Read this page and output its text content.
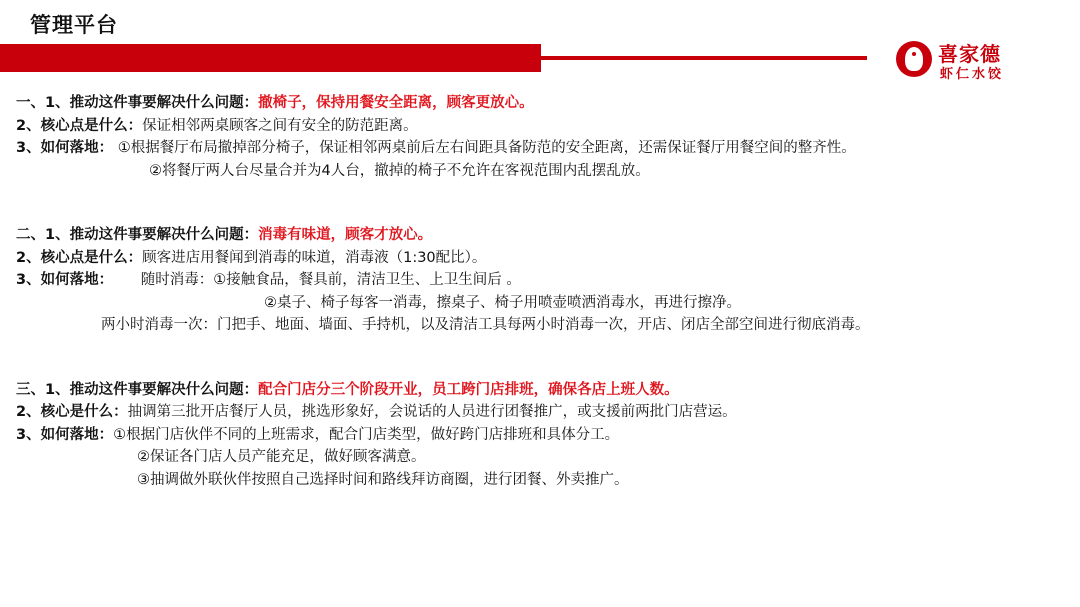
管理平台
喜家德
虾仁水饺
一、1、推动这件事要解决什么问题：撤椅子，保持用餐安全距离，顾客更放心。
2、核心点是什么：保证相邻两桌顾客之间有安全的防范距离。
3、如何落地： ①根据餐厅布局撤掉部分椅子，保证相邻两桌前后左右间距具备防范的安全距离，还需保证餐厅用餐空间的整齐性。
②将餐厅两人台尽量合并为4人台，撤掉的椅子不允许在客视范围内乱摆乱放。
二、1、推动这件事要解决什么问题：消毒有味道，顾客才放心。
2、核心点是什么：顾客进店用餐闻到消毒的味道，消毒液（1:30配比）。
3、如何落地：      随时消毒：①接触食品，餐具前，清洁卫生、上卫生间后 。
②桌子、椅子每客一消毒，擦桌子、椅子用喷壶喷洒消毒水，再进行擦净。
两小时消毒一次：门把手、地面、墙面、手持机，以及清洁工具每两小时消毒一次，开店、闭店全部空间进行彻底消毒。
三、1、推动这件事要解决什么问题：配合门店分三个阶段开业，员工跨门店排班，确保各店上班人数。
2、核心是什么：抽调第三批开店餐厅人员，挑选形象好，会说话的人员进行团餐推广，或支援前两批门店营运。
3、如何落地：①根据门店伙伴不同的上班需求，配合门店类型，做好跨门店排班和具体分工。
②保证各门店人员产能充足，做好顾客满意。
③抽调做外联伙伴按照自己选择时间和路线拜访商圈，进行团餐、外卖推广。
